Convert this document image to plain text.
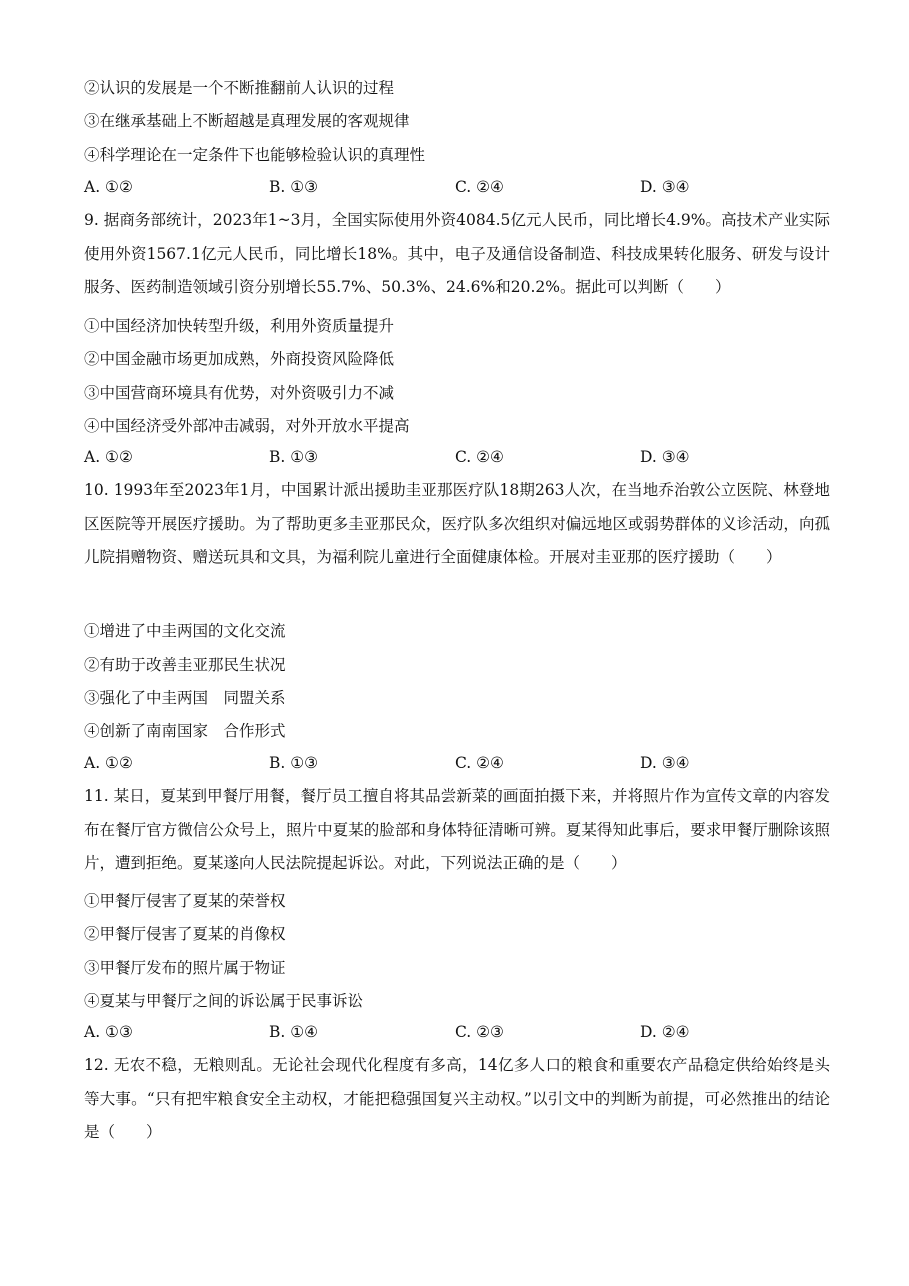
②认识的发展是一个不断推翻前人认识的过程
③在继承基础上不断超越是真理发展的客观规律
④科学理论在一定条件下也能够检验认识的真理性
A. ①②	B. ①③	C. ②④	D. ③④
9. 据商务部统计，2023年1~3月，全国实际使用外资4084.5亿元人民币，同比增长4.9%。高技术产业实际使用外资1567.1亿元人民币，同比增长18%。其中，电子及通信设备制造、科技成果转化服务、研发与设计服务、医药制造领域引资分别增长55.7%、50.3%、24.6%和20.2%。据此可以判断（　　）
①中国经济加快转型升级，利用外资质量提升
②中国金融市场更加成熟，外商投资风险降低
③中国营商环境具有优势，对外资吸引力不减
④中国经济受外部冲击减弱，对外开放水平提高
A. ①②	B. ①③	C. ②④	D. ③④
10. 1993年至2023年1月，中国累计派出援助圭亚那医疗队18期263人次，在当地乔治敦公立医院、林登地区医院等开展医疗援助。为了帮助更多圭亚那民众，医疗队多次组织对偏远地区或弱势群体的义诊活动，向孤儿院捐赠物资、赠送玩具和文具，为福利院儿童进行全面健康体检。开展对圭亚那的医疗援助（　　）
①增进了中圭两国的文化交流
②有助于改善圭亚那民生状况
③强化了中圭两国　同盟关系
④创新了南南国家　合作形式
A. ①②	B. ①③	C. ②④	D. ③④
11. 某日，夏某到甲餐厅用餐，餐厅员工擅自将其品尝新菜的画面拍摄下来，并将照片作为宣传文章的内容发布在餐厅官方微信公众号上，照片中夏某的脸部和身体特征清晰可辨。夏某得知此事后，要求甲餐厅删除该照片，遭到拒绝。夏某遂向人民法院提起诉讼。对此，下列说法正确的是（　　）
①甲餐厅侵害了夏某的荣誉权
②甲餐厅侵害了夏某的肖像权
③甲餐厅发布的照片属于物证
④夏某与甲餐厅之间的诉讼属于民事诉讼
A. ①③	B. ①④	C. ②③	D. ②④
12. 无农不稳，无粮则乱。无论社会现代化程度有多高，14亿多人口的粮食和重要农产品稳定供给始终是头等大事。“只有把牢粮食安全主动权，才能把稳强国复兴主动权。”以引文中的判断为前提，可必然推出的结论是（　　）
